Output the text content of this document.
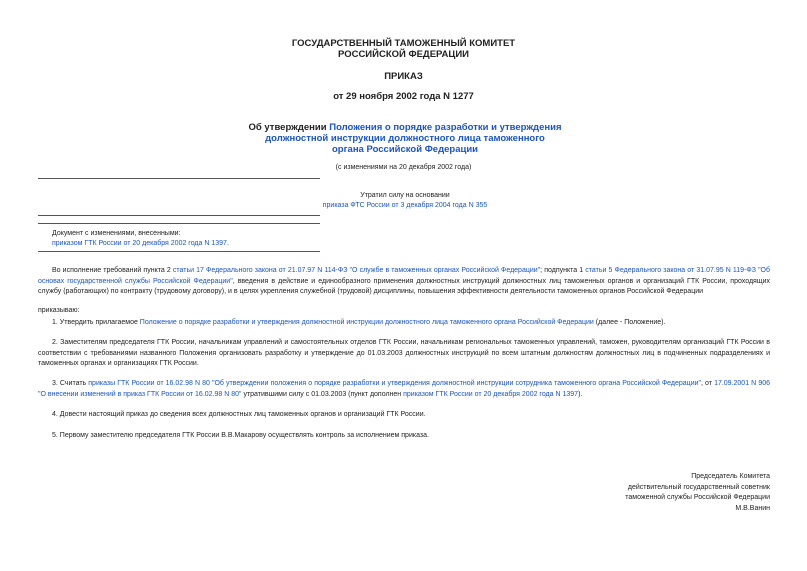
ГОСУДАРСТВЕННЫЙ ТАМОЖЕННЫЙ КОМИТЕТ
РОССИЙСКОЙ ФЕДЕРАЦИИ
ПРИКАЗ
от 29 ноября 2002 года N 1277
Об утверждении Положения о порядке разработки и утверждения
должностной инструкции должностного лица таможенного
органа Российской Федерации
(с изменениями на 20 декабря 2002 года)
Утратил силу на основании
приказа ФТС России от 3 декабря 2004 года N 355
Документ с изменениями, внесенными:
приказом ГТК России от 20 декабря 2002 года N 1397.
Во исполнение требований пункта 2 статьи 17 Федерального закона от 21.07.97 N 114-ФЗ "О службе в таможенных органах Российской Федерации"; подпункта 1 статьи 5 Федерального закона от 31.07.95 N 119-ФЗ "Об основах государственной службы Российской Федерации", введения в действие и единообразного применения должностных инструкций должностных лиц таможенных органов и организаций ГТК России, проходящих службу (работающих) по контракту (трудовому договору), и в целях укрепления служебной (трудовой) дисциплины, повышения эффективности деятельности таможенных органов Российской Федерации
приказываю:
1. Утвердить прилагаемое Положение о порядке разработки и утверждения должностной инструкции должностного лица таможенного органа Российской Федерации (далее - Положение).
2. Заместителям председателя ГТК России, начальникам управлений и самостоятельных отделов ГТК России, начальникам региональных таможенных управлений, таможен, руководителям организаций ГТК России в соответствии с требованиями названного Положения организовать разработку и утверждение до 01.03.2003 должностных инструкций по всем штатным должностям должностных лиц в подчиненных подразделениях и таможенных органах и организациях ГТК России.
3. Считать приказы ГТК России от 16.02.98 N 80 "Об утверждении положения о порядке разработки и утверждения должностной инструкции сотрудника таможенного органа Российской Федерации", от 17.09.2001 N 906 "О внесении изменений в приказ ГТК России от 16.02.98 N 80" утратившими силу с 01.03.2003 (пункт дополнен приказом ГТК России от 20 декабря 2002 года N 1397).
4. Довести настоящий приказ до сведения всех должностных лиц таможенных органов и организаций ГТК России.
5. Первому заместителю председателя ГТК России В.В.Макарову осуществлять контроль за исполнением приказа.
Председатель Комитета
действительный государственный советник
таможенной службы Российской Федерации
М.В.Ванин
